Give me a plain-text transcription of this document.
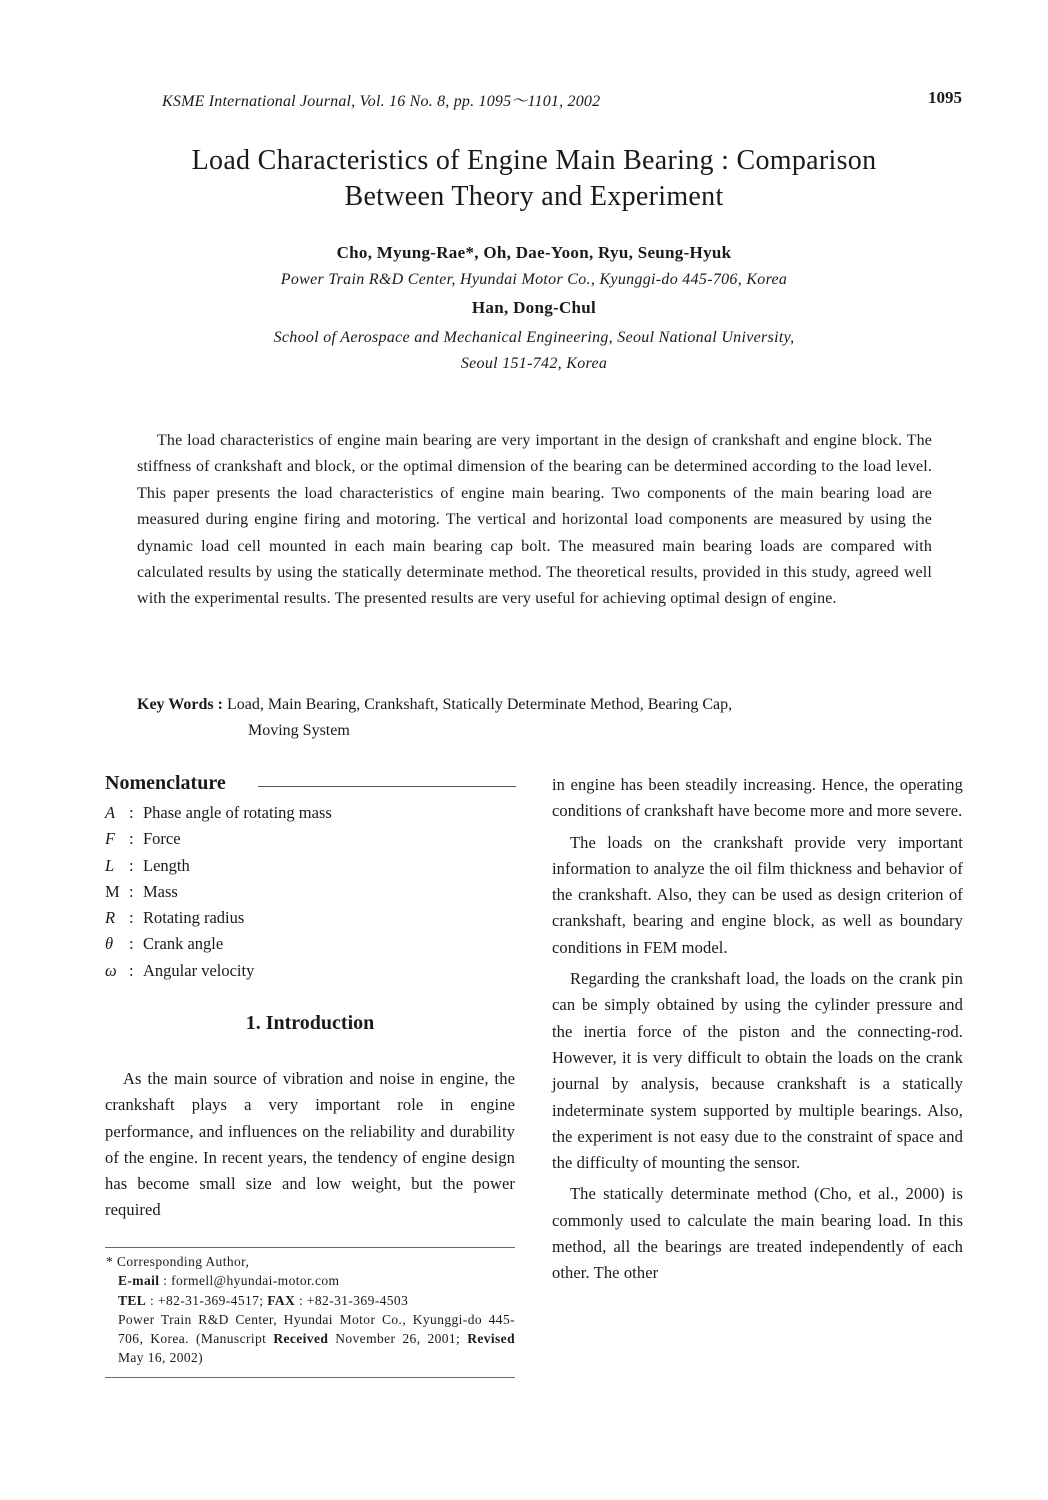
KSME International Journal, Vol. 16 No. 8, pp. 1095～1101, 2002	1095
Load Characteristics of Engine Main Bearing : Comparison
Between Theory and Experiment
Cho, Myung-Rae*, Oh, Dae-Yoon, Ryu, Seung-Hyuk
Power Train R&D Center, Hyundai Motor Co., Kyunggi-do 445-706, Korea
Han, Dong-Chul
School of Aerospace and Mechanical Engineering, Seoul National University,
Seoul 151-742, Korea
The load characteristics of engine main bearing are very important in the design of crankshaft and engine block. The stiffness of crankshaft and block, or the optimal dimension of the bearing can be determined according to the load level. This paper presents the load characteristics of engine main bearing. Two components of the main bearing load are measured during engine firing and motoring. The vertical and horizontal load components are measured by using the dynamic load cell mounted in each main bearing cap bolt. The measured main bearing loads are compared with calculated results by using the statically determinate method. The theoretical results, provided in this study, agreed well with the experimental results. The presented results are very useful for achieving optimal design of engine.
Key Words : Load, Main Bearing, Crankshaft, Statically Determinate Method, Bearing Cap,
Moving System
Nomenclature
A : Phase angle of rotating mass
F : Force
L : Length
M : Mass
R : Rotating radius
θ : Crank angle
ω : Angular velocity
1. Introduction

As the main source of vibration and noise in engine, the crankshaft plays a very important role in engine performance, and influences on the reliability and durability of the engine. In recent years, the tendency of engine design has become small size and low weight, but the power required

* Corresponding Author,
E-mail : formell@hyundai-motor.com
TEL : +82-31-369-4517; FAX : +82-31-369-4503
Power Train R&D Center, Hyundai Motor Co., Kyunggi-do 445-706, Korea. (Manuscript Received November 26, 2001; Revised May 16, 2002)

in engine has been steadily increasing. Hence, the operating conditions of crankshaft have become more and more severe.

The loads on the crankshaft provide very important information to analyze the oil film thickness and behavior of the crankshaft. Also, they can be used as design criterion of crankshaft, bearing and engine block, as well as boundary conditions in FEM model.

Regarding the crankshaft load, the loads on the crank pin can be simply obtained by using the cylinder pressure and the inertia force of the piston and the connecting-rod. However, it is very difficult to obtain the loads on the crank journal by analysis, because crankshaft is a statically indeterminate system supported by multiple bearings. Also, the experiment is not easy due to the constraint of space and the difficulty of mounting the sensor.

The statically determinate method (Cho, et al., 2000) is commonly used to calculate the main bearing load. In this method, all the bearings are treated independently of each other. The other
